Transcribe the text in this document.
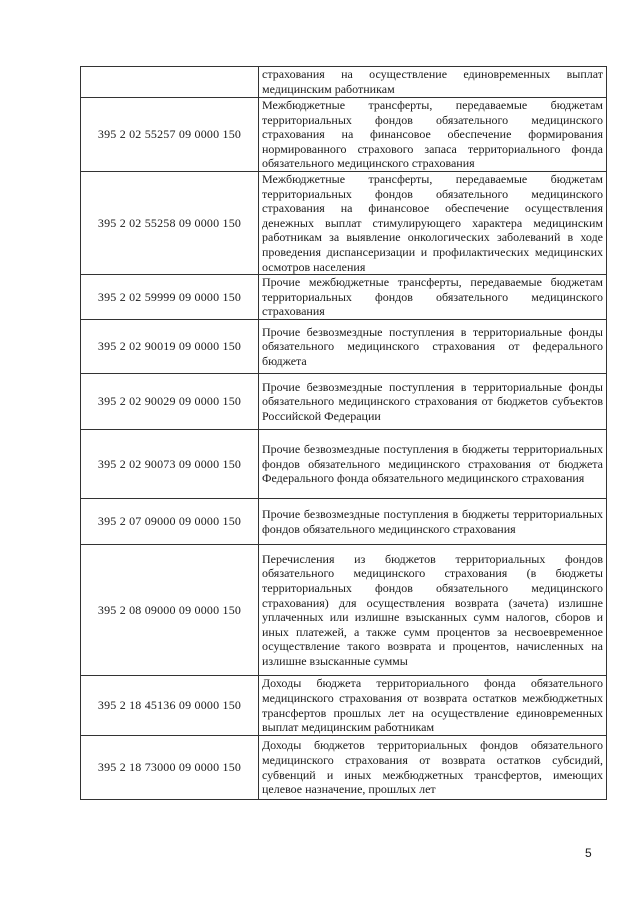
	страхования на осуществление единовременных выплат медицинским работникам
395 2 02 55257 09 0000 150	Межбюджетные трансферты, передаваемые бюджетам территориальных фондов обязательного медицинского страхования на финансовое обеспечение формирования нормированного страхового запаса территориального фонда обязательного медицинского страхования
395 2 02 55258 09 0000 150	Межбюджетные трансферты, передаваемые бюджетам территориальных фондов обязательного медицинского страхования на финансовое обеспечение осуществления денежных выплат стимулирующего характера медицинским работникам за выявление онкологических заболеваний в ходе проведения диспансеризации и профилактических медицинских осмотров населения
395 2 02 59999 09 0000 150	Прочие межбюджетные трансферты, передаваемые бюджетам территориальных фондов обязательного медицинского страхования
395 2 02 90019 09 0000 150	Прочие безвозмездные поступления в территориальные фонды обязательного медицинского страхования от федерального бюджета
395 2 02 90029 09 0000 150	Прочие безвозмездные поступления в территориальные фонды обязательного медицинского страхования от бюджетов субъектов Российской Федерации
395 2 02 90073 09 0000 150	Прочие безвозмездные поступления в бюджеты территориальных фондов обязательного медицинского страхования от бюджета Федерального фонда обязательного медицинского страхования
395 2 07 09000 09 0000 150	Прочие безвозмездные поступления в бюджеты территориальных фондов обязательного медицинского страхования
395 2 08 09000 09 0000 150	Перечисления из бюджетов территориальных фондов обязательного медицинского страхования (в бюджеты территориальных фондов обязательного медицинского страхования) для осуществления возврата (зачета) излишне уплаченных или излишне взысканных сумм налогов, сборов и иных платежей, а также сумм процентов за несвоевременное осуществление такого возврата и процентов, начисленных на излишне взысканные суммы
395 2 18 45136 09 0000 150	Доходы бюджета территориального фонда обязательного медицинского страхования от возврата остатков межбюджетных трансфертов прошлых лет на осуществление единовременных выплат медицинским работникам
395 2 18 73000 09 0000 150	Доходы бюджетов территориальных фондов обязательного медицинского страхования от возврата остатков субсидий, субвенций и иных межбюджетных трансфертов, имеющих целевое назначение, прошлых лет
5
